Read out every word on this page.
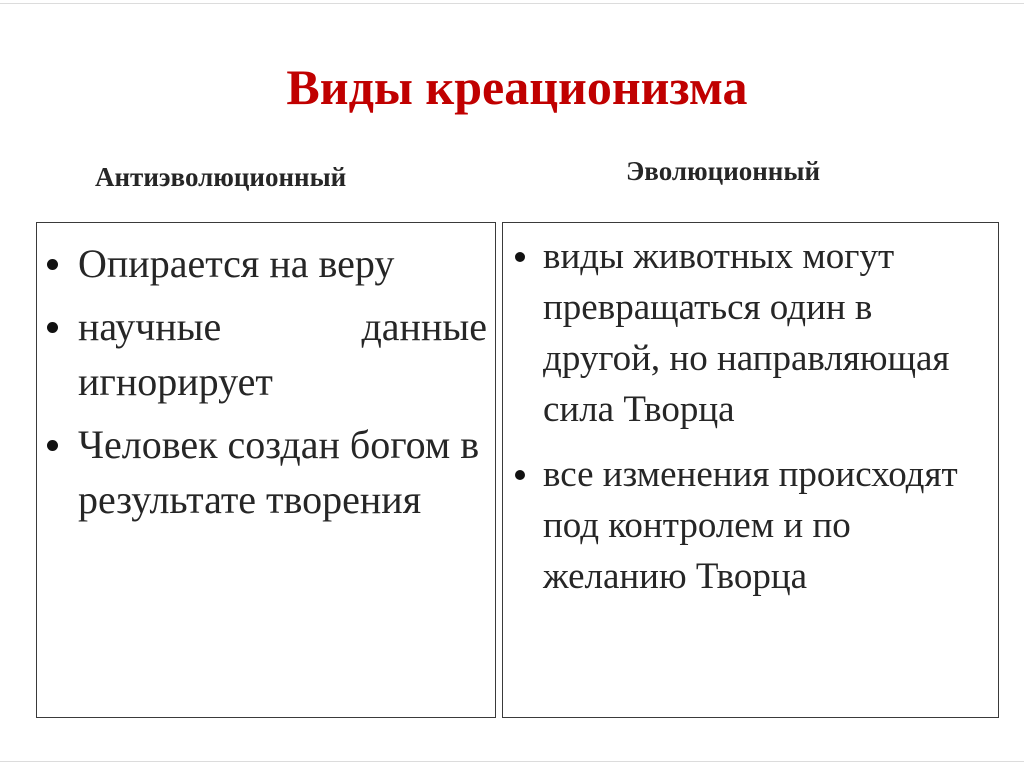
Виды креационизма
Антиэволюционный	Эволюционный
Опирается на веру
научные данные игнорирует
Человек создан богом в результате творения
виды животных могут превращаться один в другой, но направляющая сила Творца
все изменения происходят под контролем и по желанию Творца
